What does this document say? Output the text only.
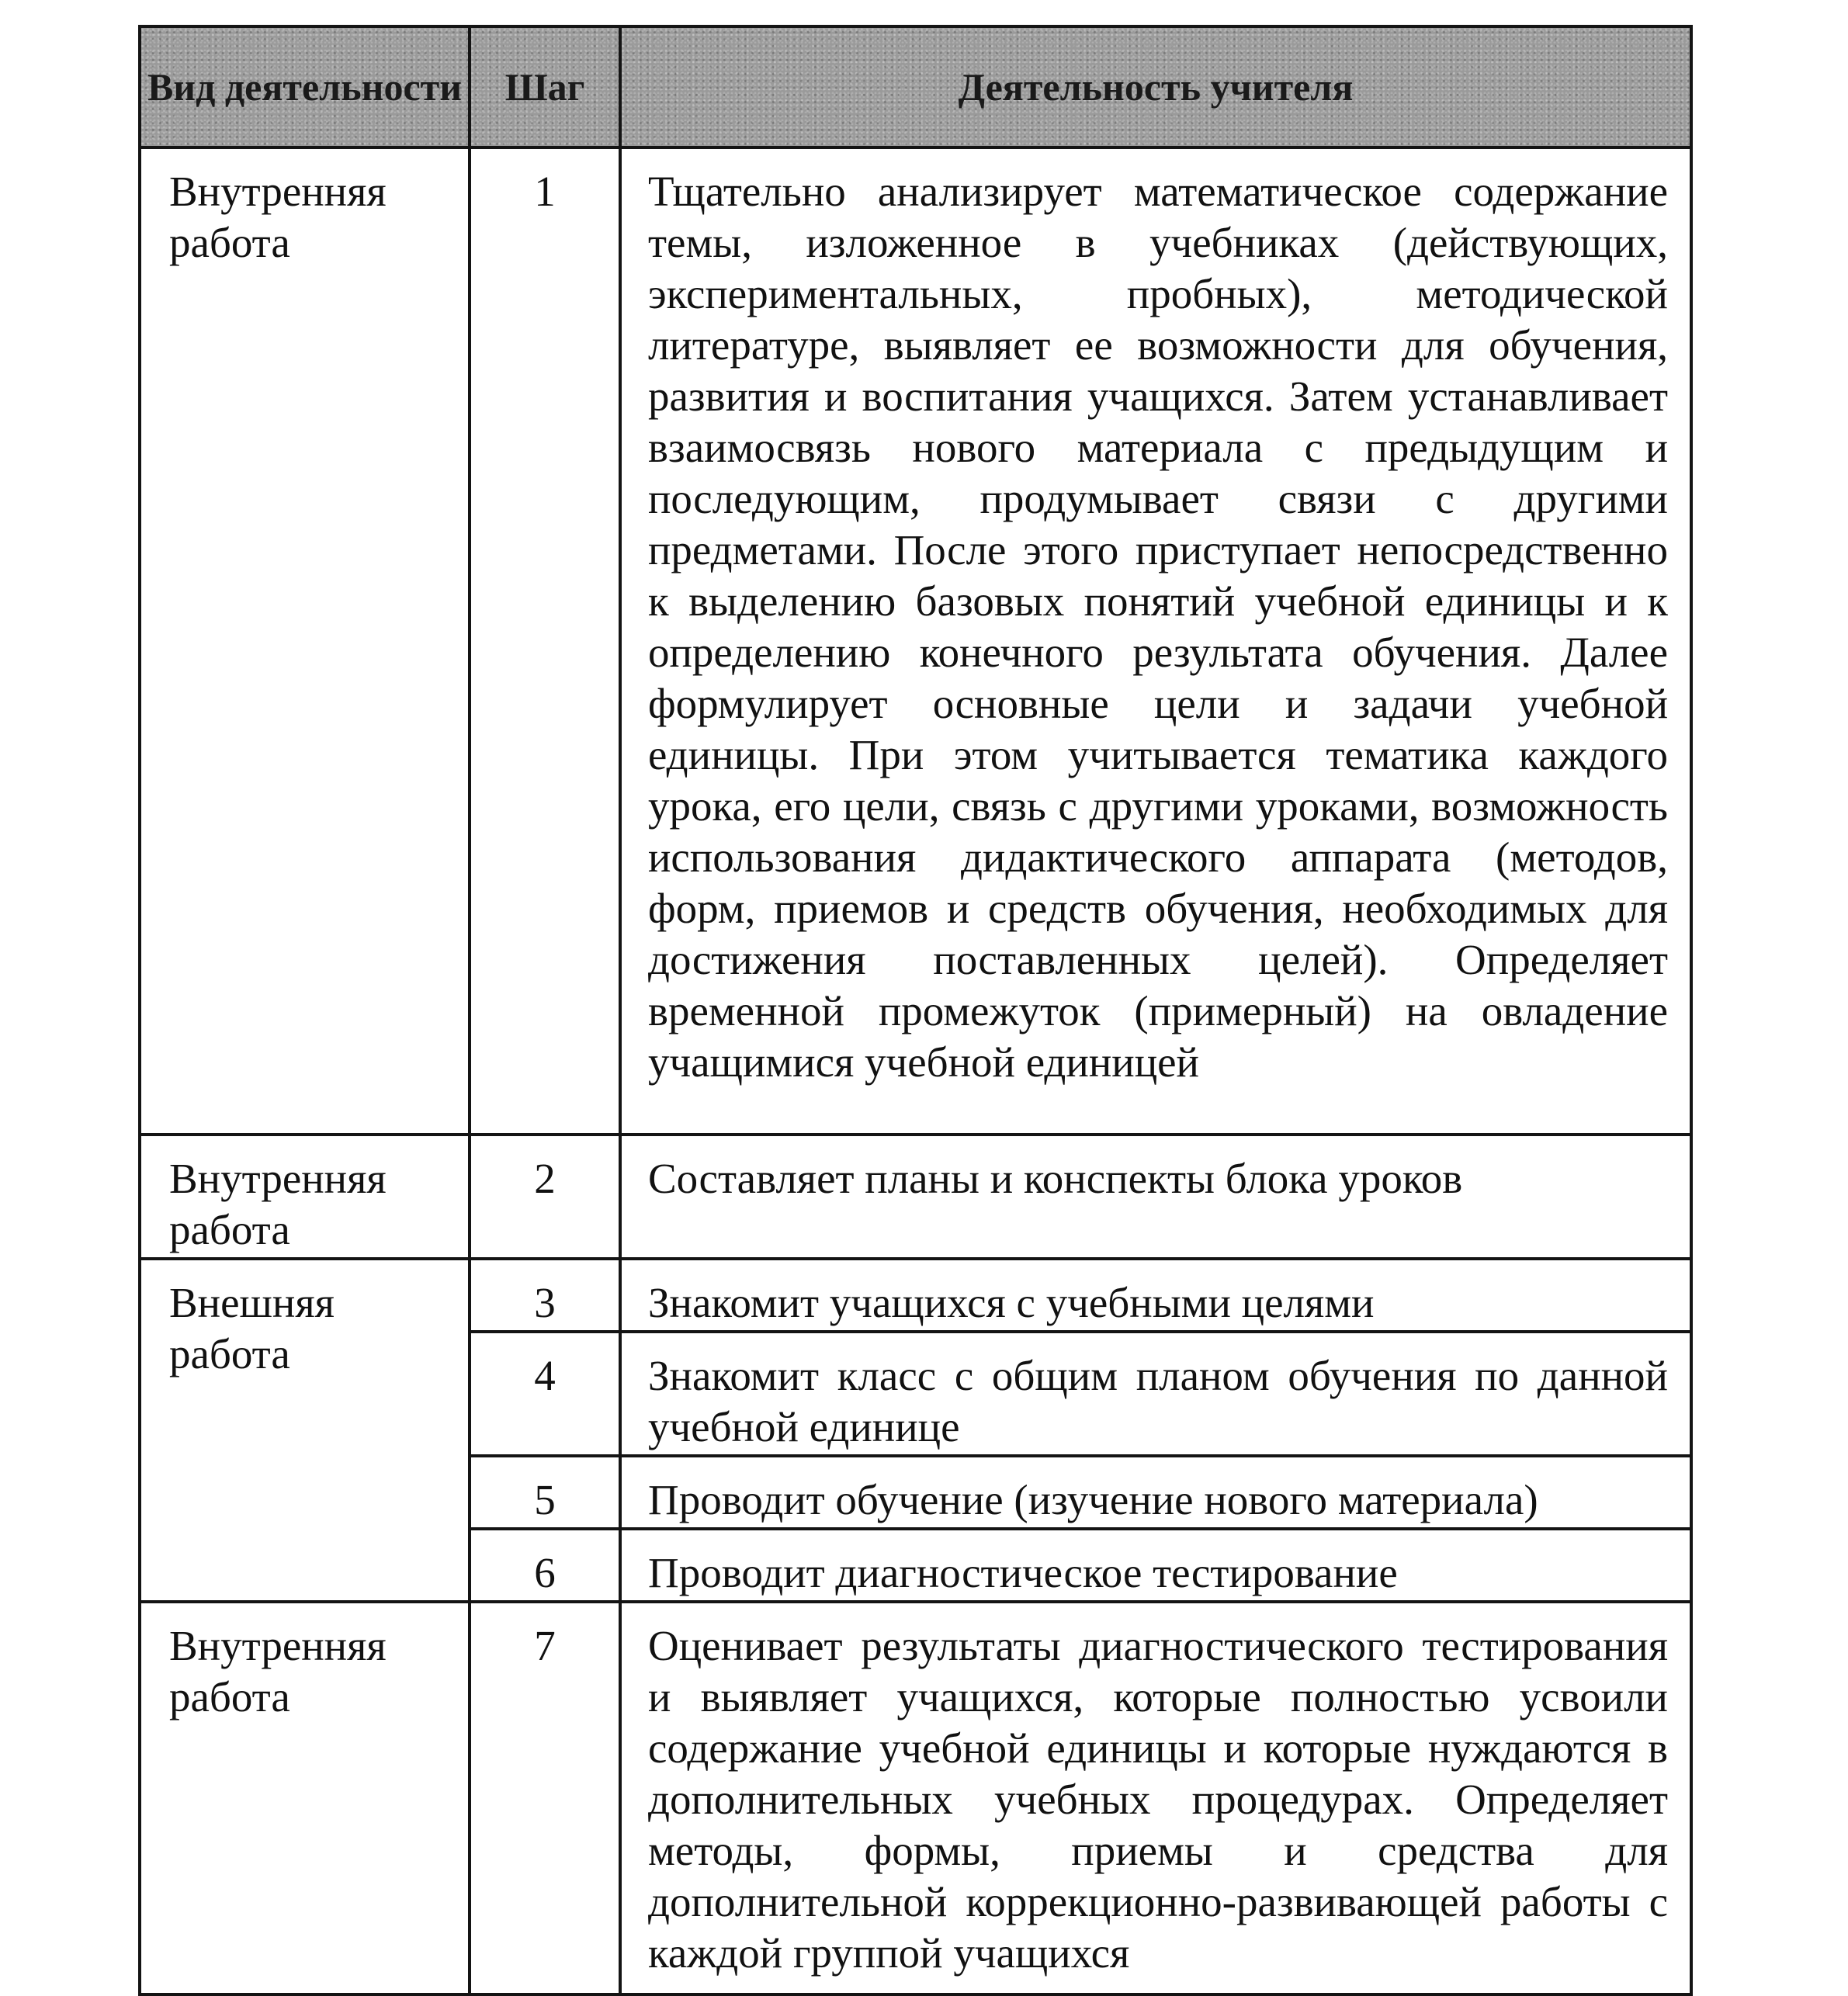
Вид деятельности	Шаг	Деятельность учителя
Внутренняя работа	1	Тщательно анализирует математическое содержание темы, изложенное в учебниках (действующих, экспериментальных, пробных), методической литературе, выявляет ее возможности для обучения, развития и воспитания учащихся. Затем устанавливает взаимосвязь нового материала с предыдущим и последующим, продумывает связи с другими предметами. После этого приступает непосредственно к выделению базовых понятий учебной единицы и к определению конечного результата обучения. Далее формулирует основные цели и задачи учебной единицы. При этом учитывается тематика каждого урока, его цели, связь с другими уроками, возможность использования дидактического аппарата (методов, форм, приемов и средств обучения, необходимых для достижения поставленных целей). Определяет временной промежуток (примерный) на овладение учащимися учебной единицей
Внутренняя работа	2	Составляет планы и конспекты блока уроков
Внешняя работа	3	Знакомит учащихся с учебными целями
	4	Знакомит класс с общим планом обучения по данной учебной единице
	5	Проводит обучение (изучение нового материала)
	6	Проводит диагностическое тестирование
Внутренняя работа	7	Оценивает результаты диагностического тестирования и выявляет учащихся, которые полностью усвоили содержание учебной единицы и которые нуждаются в дополнительных учебных процедурах. Определяет методы, формы, приемы и средства для дополнительной коррекционно-развивающей работы с каждой группой учащихся
